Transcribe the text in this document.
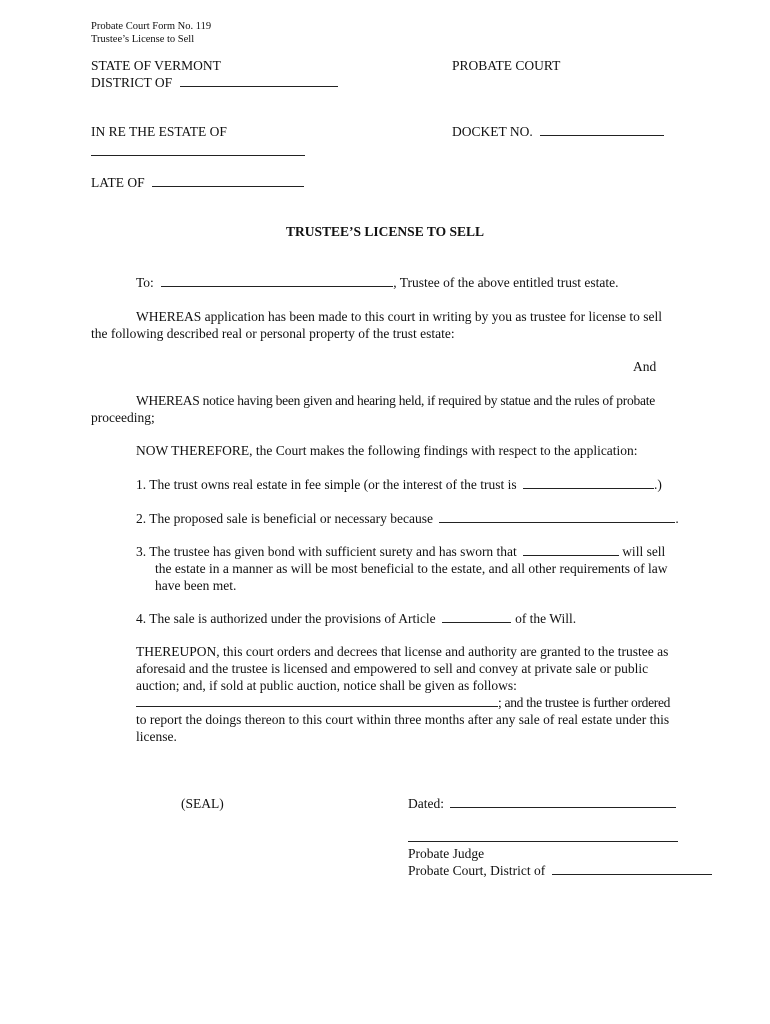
Probate Court Form No. 119
Trustee’s License to Sell
STATE OF VERMONT
DISTRICT OF
PROBATE COURT
IN RE THE ESTATE OF	DOCKET NO.
LATE OF
TRUSTEE’S LICENSE TO SELL
To:	, Trustee of the above entitled trust estate.
WHEREAS application has been made to this court in writing by you as trustee for license to sell
the following described real or personal property of the trust estate:
And
WHEREAS notice having been given and hearing held, if required by statue and the rules of probate
proceeding;
NOW THEREFORE, the Court makes the following findings with respect to the application:
1. The trust owns real estate in fee simple (or the interest of the trust is	.)
2. The proposed sale is beneficial or necessary because	.
3. The trustee has given bond with sufficient surety and has sworn that	will sell
the estate in a manner as will be most beneficial to the estate, and all other requirements of law
have been met.
4. The sale is authorized under the provisions of Article	of the Will.
THEREUPON, this court orders and decrees that license and authority are granted to the trustee as
aforesaid and the trustee is licensed and empowered to sell and convey at private sale or public
auction; and, if sold at public auction, notice shall be given as follows:
; and the trustee is further ordered
to report the doings thereon to this court within three months after any sale of real estate under this
license.
(SEAL)	Dated:
Probate Judge
Probate Court, District of
